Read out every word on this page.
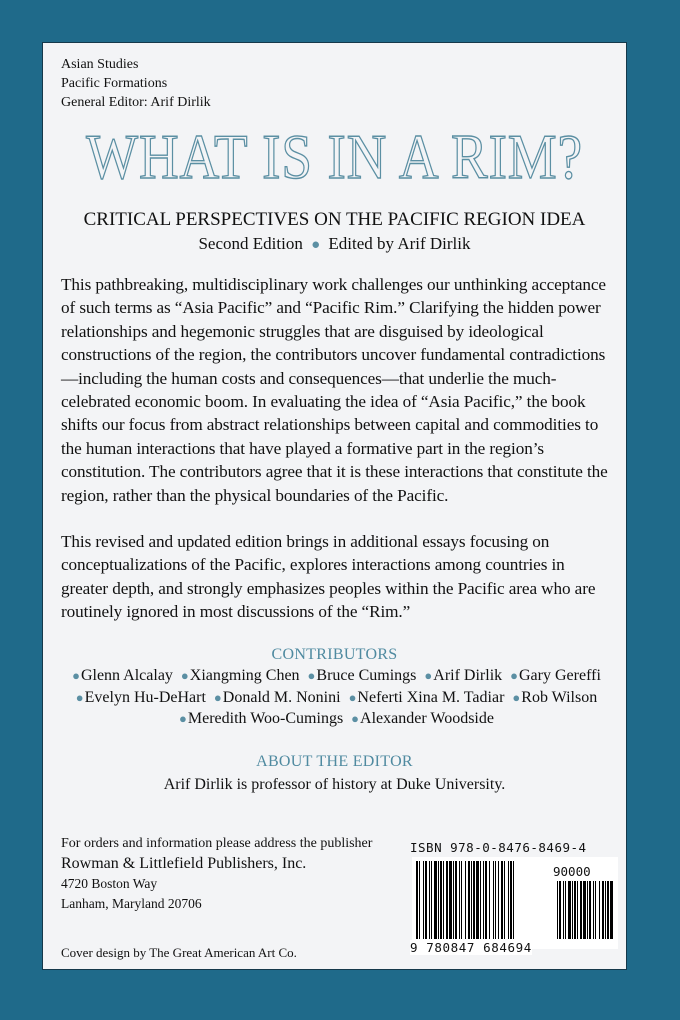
Asian Studies
Pacific Formations
General Editor: Arif Dirlik
WHAT IS IN A RIM?
CRITICAL PERSPECTIVES ON THE PACIFIC REGION IDEA
Second Edition ● Edited by Arif Dirlik

This pathbreaking, multidisciplinary work challenges our unthinking acceptance of such terms as “Asia Pacific” and “Pacific Rim.” Clarifying the hidden power relationships and hegemonic struggles that are disguised by ideological constructions of the region, the contributors uncover fundamental contradictions—including the human costs and consequences—that underlie the much-celebrated economic boom. In evaluating the idea of “Asia Pacific,” the book shifts our focus from abstract relationships between capital and commodities to the human interactions that have played a formative part in the region’s constitution. The contributors agree that it is these interactions that constitute the region, rather than the physical boundaries of the Pacific.

This revised and updated edition brings in additional essays focusing on conceptualizations of the Pacific, explores interactions among countries in greater depth, and strongly emphasizes peoples within the Pacific area who are routinely ignored in most discussions of the “Rim.”

CONTRIBUTORS
●Glenn Alcalay ●Xiangming Chen ●Bruce Cumings ●Arif Dirlik ●Gary Gereffi
●Evelyn Hu-DeHart ●Donald M. Nonini ●Neferti Xina M. Tadiar ●Rob Wilson
●Meredith Woo-Cumings ●Alexander Woodside
ABOUT THE EDITOR
Arif Dirlik is professor of history at Duke University.
For orders and information please address the publisher
Rowman & Littlefield Publishers, Inc.
4720 Boston Way
Lanham, Maryland 20706
ISBN 978-0-8476-8469-4
90000
9 780847 684694
Cover design by The Great American Art Co.
